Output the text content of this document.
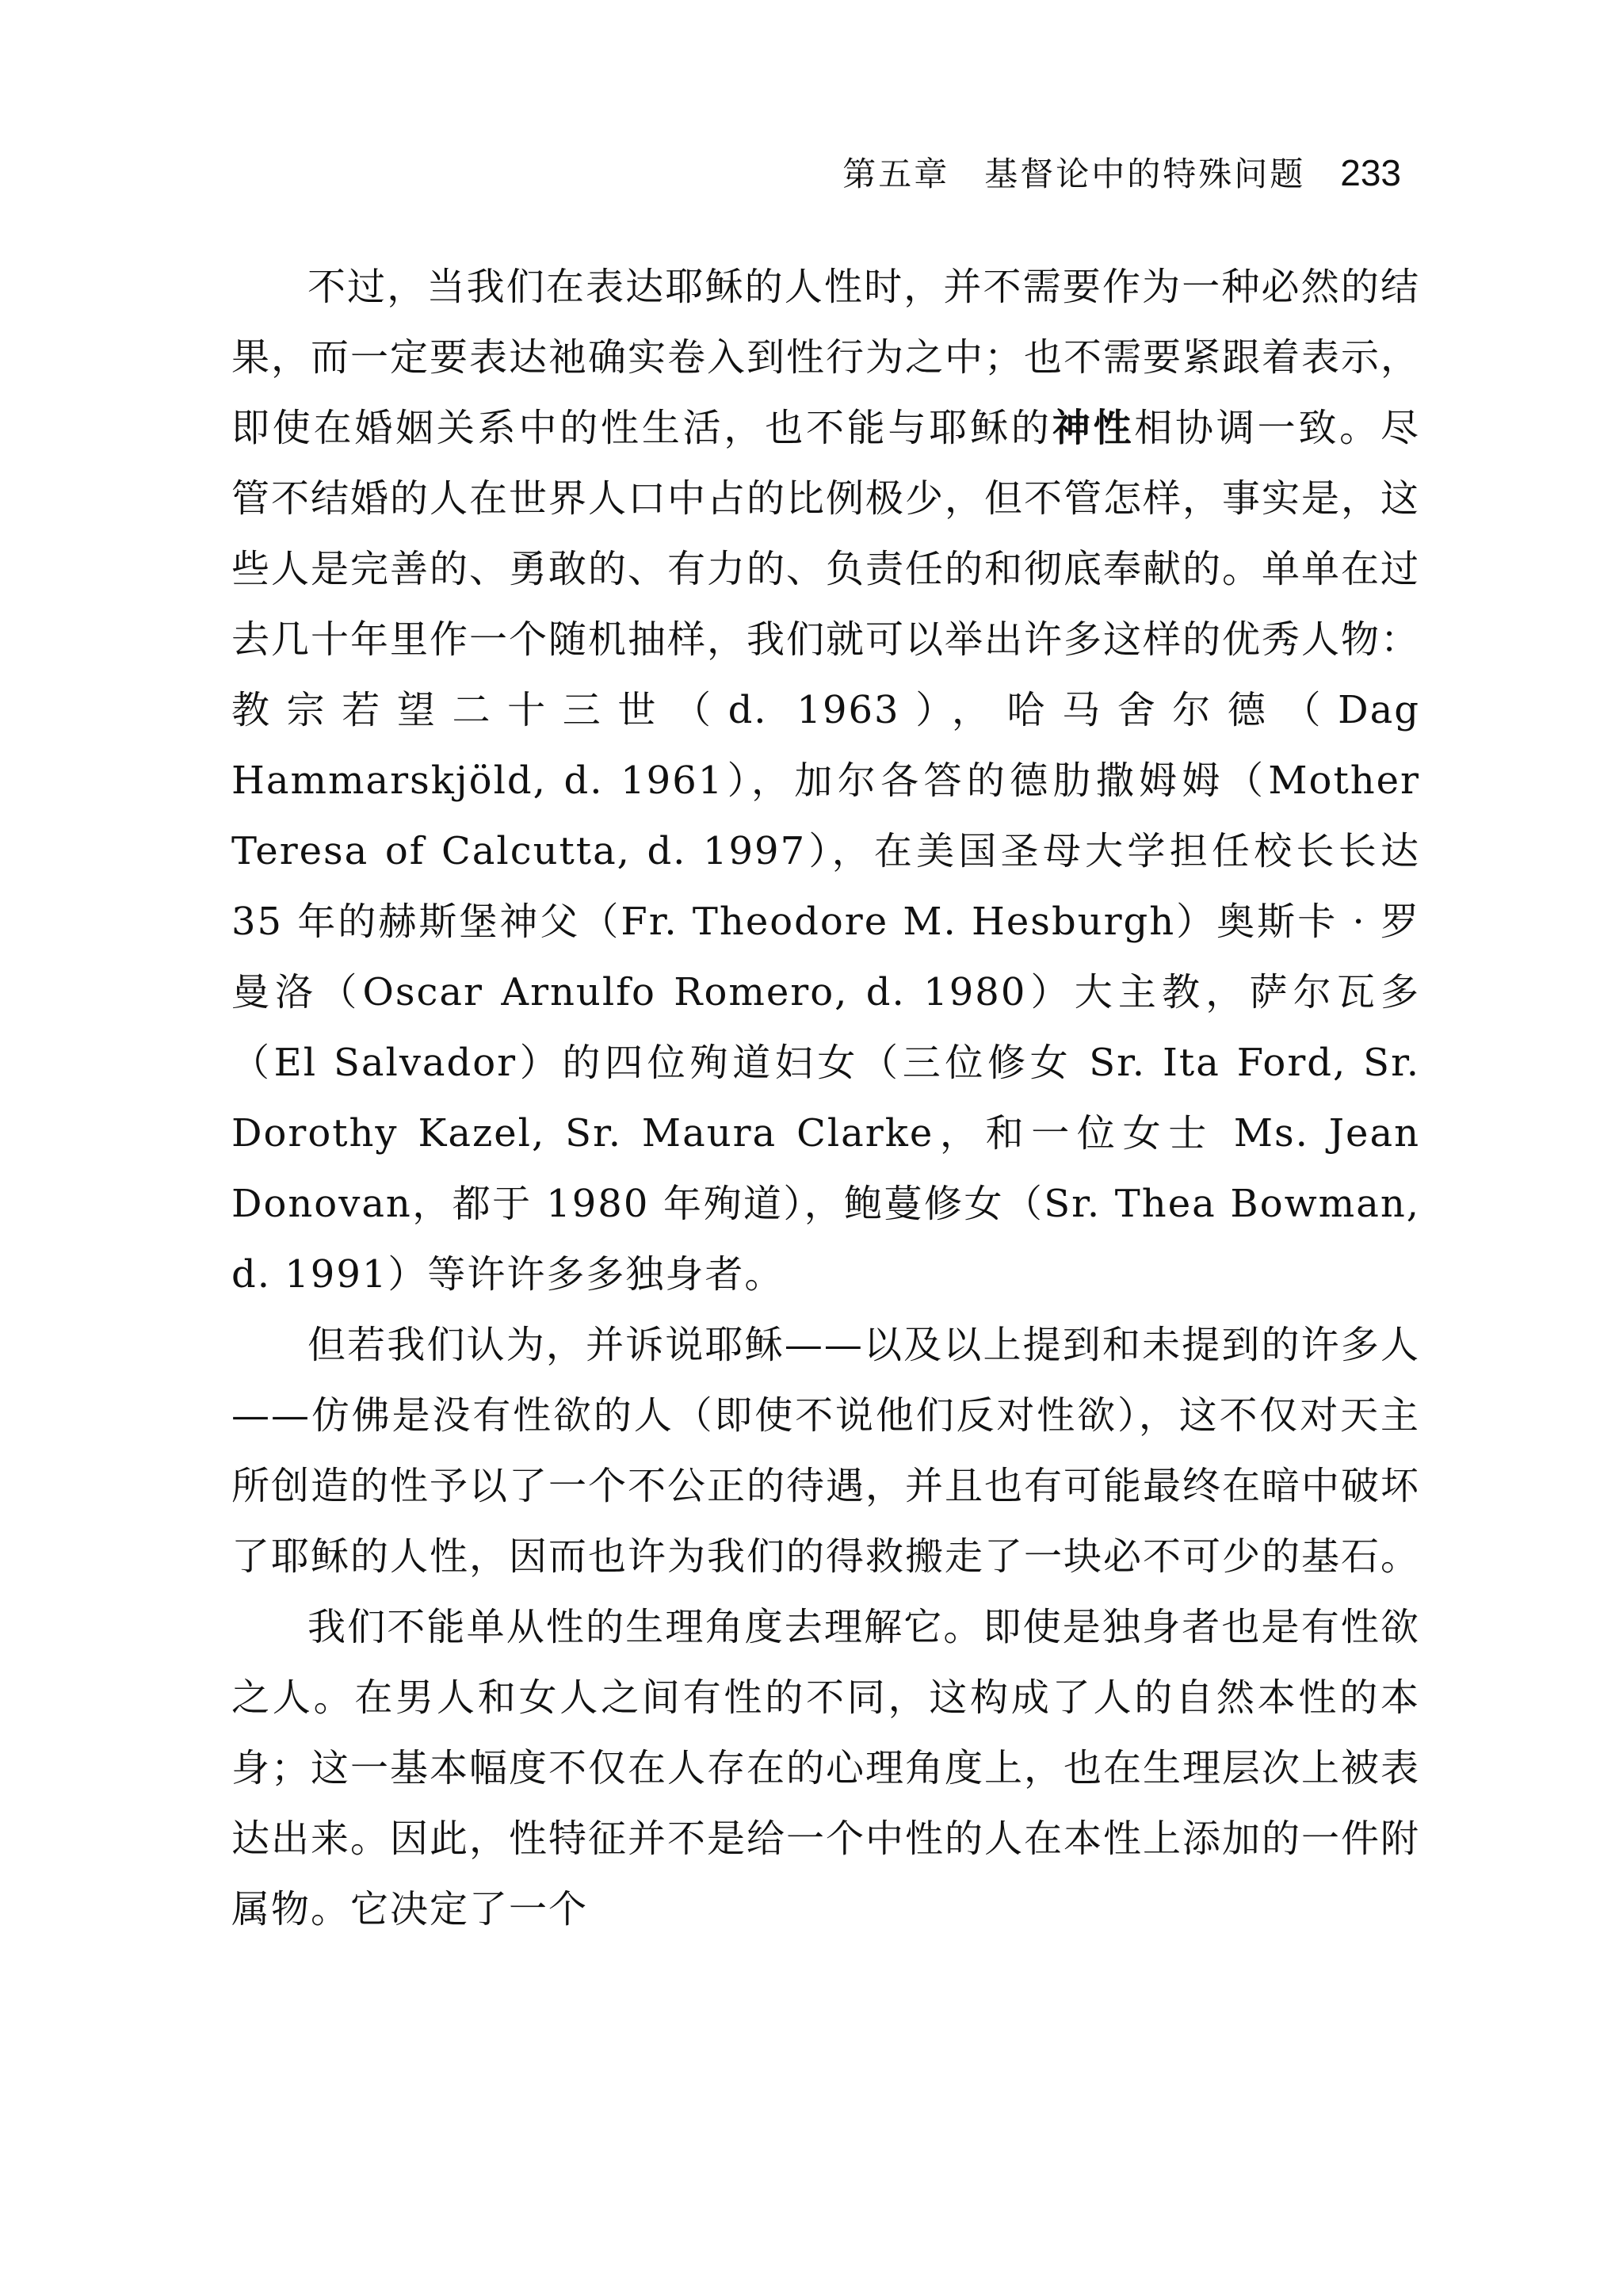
第五章 基督论中的特殊问题 233

不过，当我们在表达耶稣的人性时，并不需要作为一种必然的结果，而一定要表达祂确实卷入到性行为之中；也不需要紧跟着表示，即使在婚姻关系中的性生活，也不能与耶稣的神性相协调一致。尽管不结婚的人在世界人口中占的比例极少，但不管怎样，事实是，这些人是完善的、勇敢的、有力的、负责任的和彻底奉献的。单单在过去几十年里作一个随机抽样，我们就可以举出许多这样的优秀人物：教宗若望二十三世（d. 1963），哈马舍尔德（Dag Hammarskjöld, d. 1961），加尔各答的德肋撒姆姆（Mother Teresa of Calcutta, d. 1997），在美国圣母大学担任校长长达 35 年的赫斯堡神父（Fr. Theodore M. Hesburgh）奥斯卡 · 罗曼洛（Oscar Arnulfo Romero, d. 1980）大主教，萨尔瓦多（El Salvador）的四位殉道妇女（三位修女 Sr. Ita Ford, Sr. Dorothy Kazel, Sr. Maura Clarke，和一位女士 Ms. Jean Donovan，都于 1980 年殉道），鲍蔓修女（Sr. Thea Bowman, d. 1991）等许许多多独身者。

但若我们认为，并诉说耶稣——以及以上提到和未提到的许多人——仿佛是没有性欲的人（即使不说他们反对性欲），这不仅对天主所创造的性予以了一个不公正的待遇，并且也有可能最终在暗中破坏了耶稣的人性，因而也许为我们的得救搬走了一块必不可少的基石。

我们不能单从性的生理角度去理解它。即使是独身者也是有性欲之人。在男人和女人之间有性的不同，这构成了人的自然本性的本身；这一基本幅度不仅在人存在的心理角度上，也在生理层次上被表达出来。因此，性特征并不是给一个中性的人在本性上添加的一件附属物。它决定了一个
